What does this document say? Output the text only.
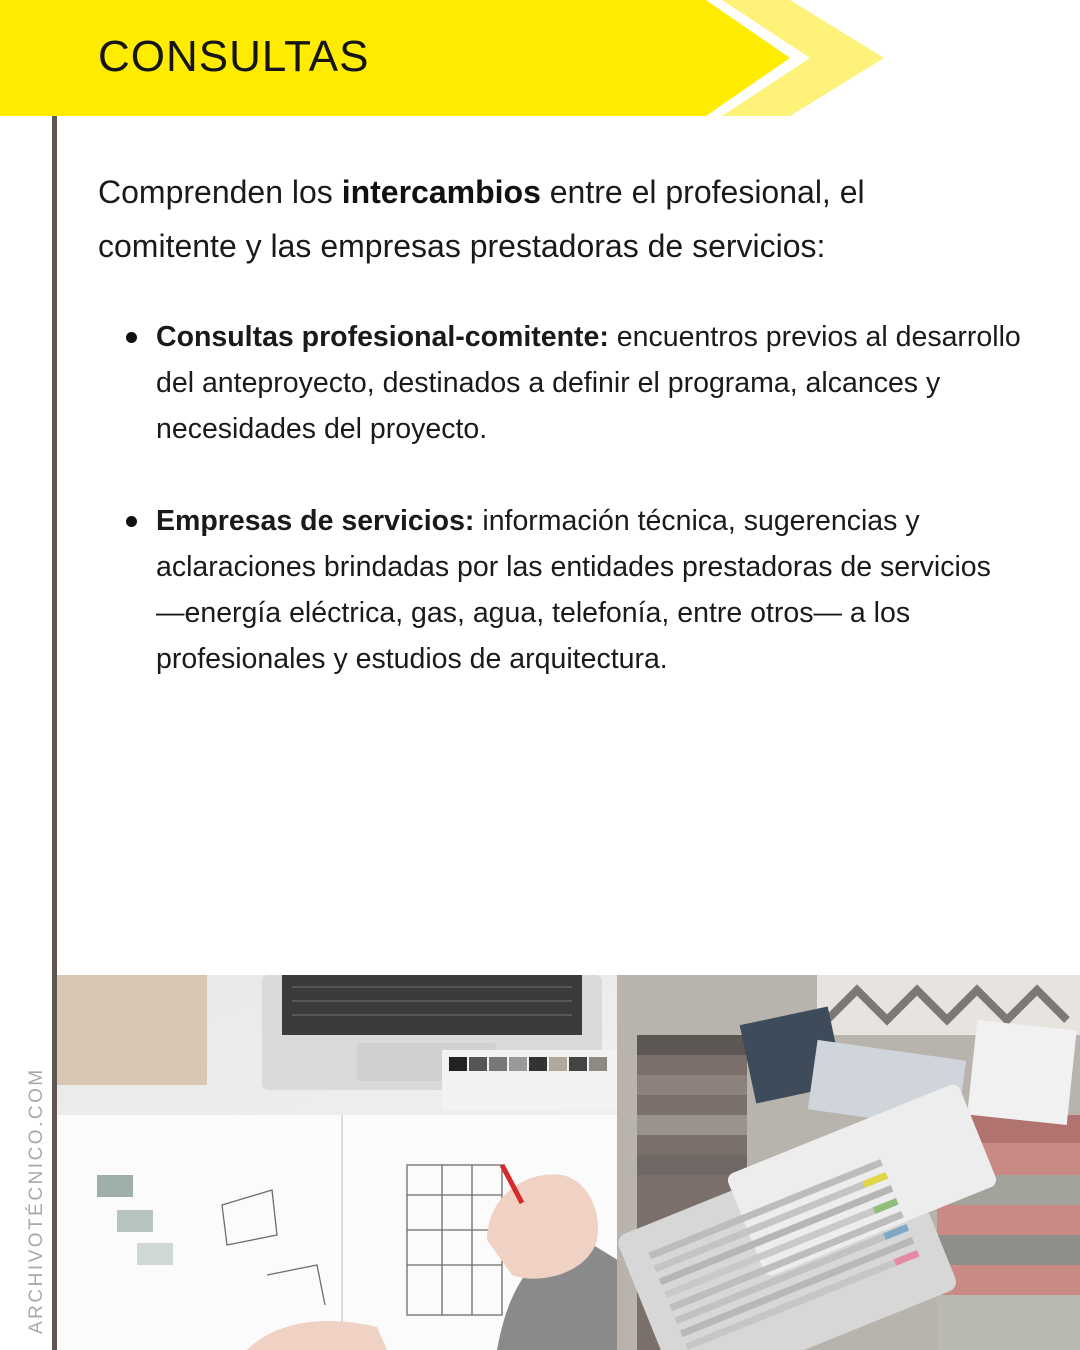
CONSULTAS
ARCHIVOTÉCNICO.COM
Comprenden los intercambios entre el profesional, el comitente y las empresas prestadoras de servicios:
Consultas profesional-comitente: encuentros previos al desarrollo del anteproyecto, destinados a definir el programa, alcances y necesidades del proyecto.
Empresas de servicios: información técnica, sugerencias y aclaraciones brindadas por las entidades prestadoras de servicios —energía eléctrica, gas, agua, telefonía, entre otros— a los profesionales y estudios de arquitectura.
